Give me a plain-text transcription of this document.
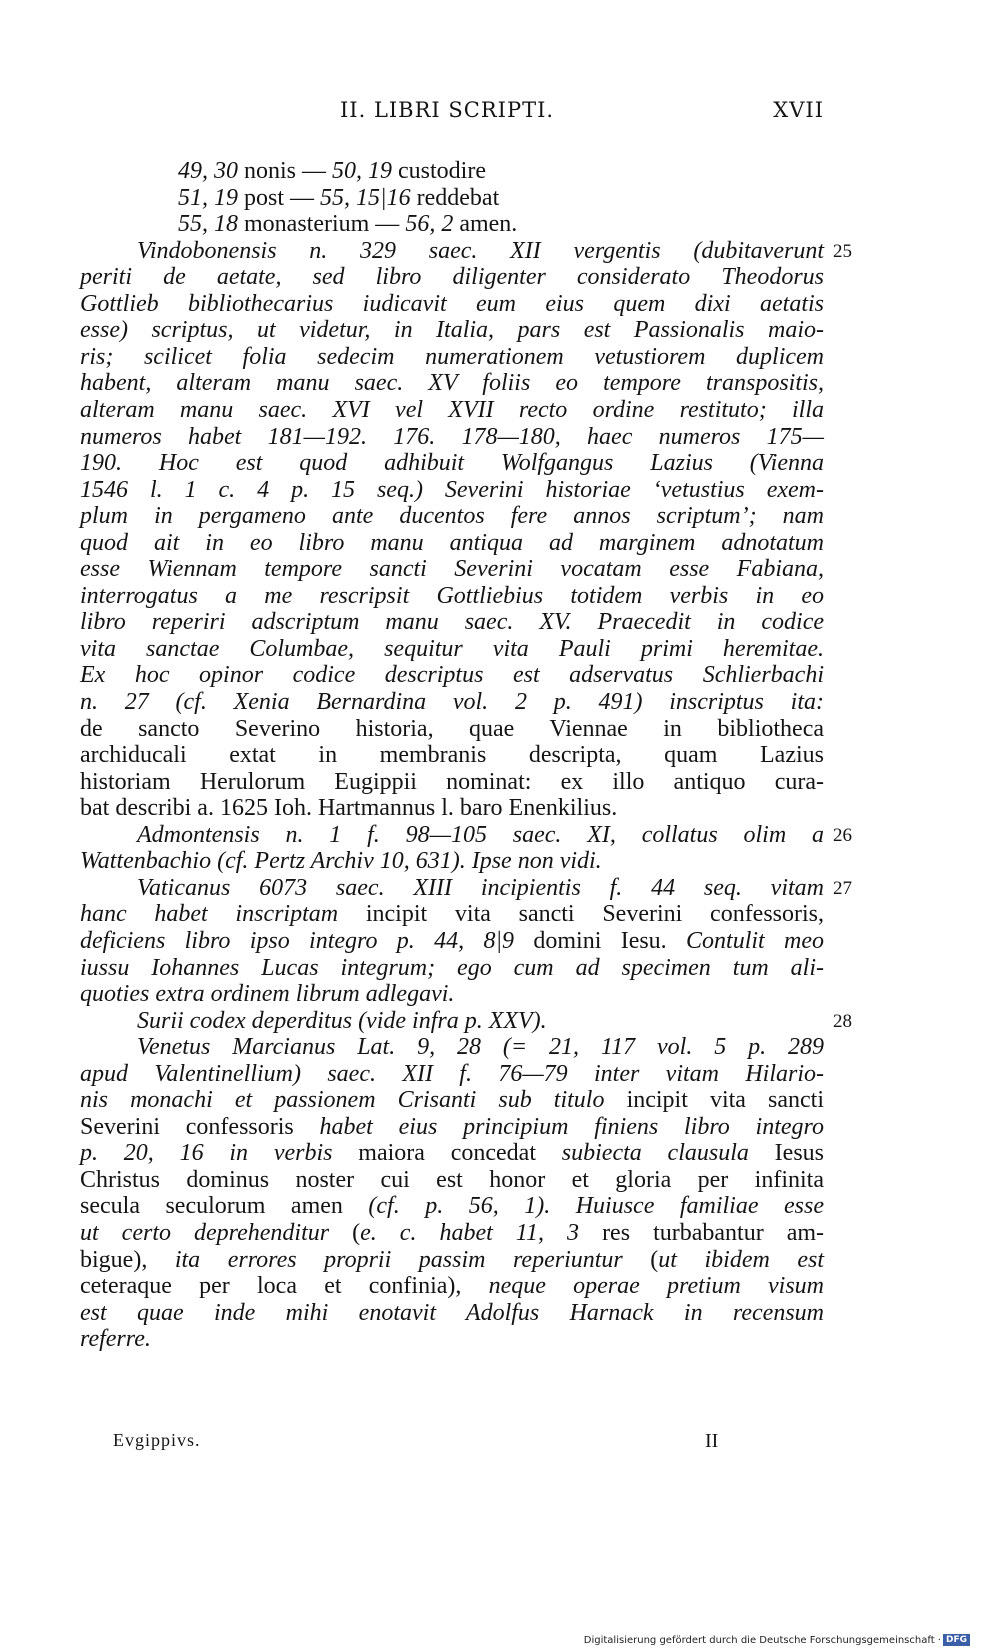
II. LIBRI SCRIPTI.	XVII
49, 30 nonis — 50, 19 custodire
51, 19 post — 55, 15|16 reddebat
55, 18 monasterium — 56, 2 amen.
Vindobonensis n. 329 saec. XII vergentis (dubitaverunt
periti de aetate, sed libro diligenter considerato Theodorus
Gottlieb bibliothecarius iudicavit eum eius quem dixi aetatis
esse) scriptus, ut videtur, in Italia, pars est Passionalis maio-
ris; scilicet folia sedecim numerationem vetustiorem duplicem
habent, alteram manu saec. XV foliis eo tempore transpositis,
alteram manu saec. XVI vel XVII recto ordine restituto; illa
numeros habet 181—192. 176. 178—180, haec numeros 175—
190. Hoc est quod adhibuit Wolfgangus Lazius (Vienna
1546 l. 1 c. 4 p. 15 seq.) Severini historiae ‘vetustius exem-
plum in pergameno ante ducentos fere annos scriptum’; nam
quod ait in eo libro manu antiqua ad marginem adnotatum
esse Wiennam tempore sancti Severini vocatam esse Fabiana,
interrogatus a me rescripsit Gottliebius totidem verbis in eo
libro reperiri adscriptum manu saec. XV. Praecedit in codice
vita sanctae Columbae, sequitur vita Pauli primi heremitae.
Ex hoc opinor codice descriptus est adservatus Schlierbachi
n. 27 (cf. Xenia Bernardina vol. 2 p. 491) inscriptus ita:
de sancto Severino historia, quae Viennae in bibliotheca
archiducali extat in membranis descripta, quam Lazius
historiam Herulorum Eugippii nominat: ex illo antiquo cura-
bat describi a. 1625 Ioh. Hartmannus l. baro Enenkilius.
Admontensis n. 1 f. 98—105 saec. XI, collatus olim a
Wattenbachio (cf. Pertz Archiv 10, 631). Ipse non vidi.
Vaticanus 6073 saec. XIII incipientis f. 44 seq. vitam
hanc habet inscriptam incipit vita sancti Severini confessoris,
deficiens libro ipso integro p. 44, 8|9 domini Iesu. Contulit meo
iussu Iohannes Lucas integrum; ego cum ad specimen tum ali-
quoties extra ordinem librum adlegavi.
Surii codex deperditus (vide infra p. XXV).
Venetus Marcianus Lat. 9, 28 (= 21, 117 vol. 5 p. 289
apud Valentinellium) saec. XII f. 76—79 inter vitam Hilario-
nis monachi et passionem Crisanti sub titulo incipit vita sancti
Severini confessoris habet eius principium finiens libro integro
p. 20, 16 in verbis maiora concedat subiecta clausula Iesus
Christus dominus noster cui est honor et gloria per infinita
secula seculorum amen (cf. p. 56, 1). Huiusce familiae esse
ut certo deprehenditur (e. c. habet 11, 3 res turbabantur am-
bigue), ita errores proprii passim reperiuntur (ut ibidem est
ceteraque per loca et confinia), neque operae pretium visum
est quae inde mihi enotavit Adolfus Harnack in recensum
referre.
25
26
27
28
Evgippivs.	II
Digitalisierung gefördert durch die Deutsche Forschungsgemeinschaft · DFG
